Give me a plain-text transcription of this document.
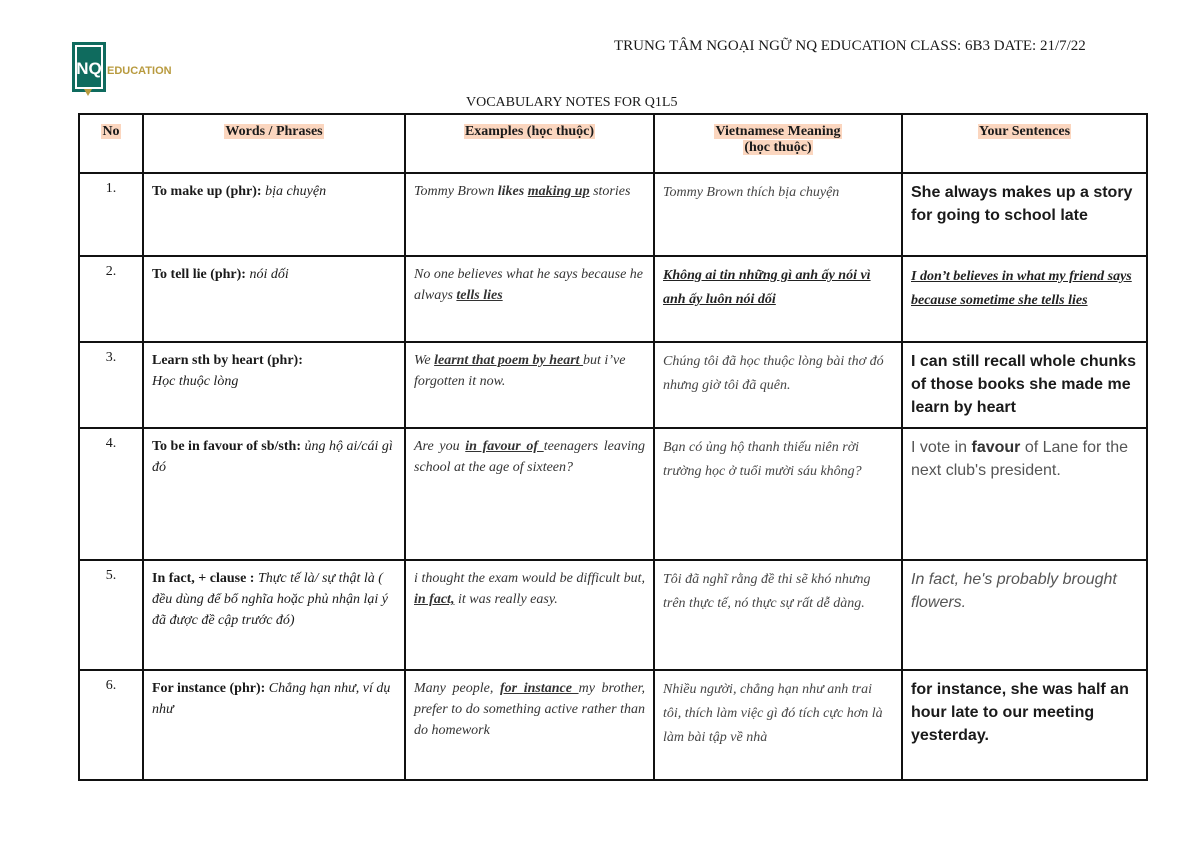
NQ EDUCATION
TRUNG TÂM NGOẠI NGỮ NQ EDUCATION CLASS: 6B3 DATE: 21/7/22
VOCABULARY NOTES FOR Q1L5
No	Words / Phrases	Examples (học thuộc)	Vietnamese Meaning
(học thuộc)	Your Sentences
1.	To make up (phr): bịa chuyện	Tommy Brown likes making up stories	Tommy Brown thích bịa chuyện	She always makes up a story for going to school late
2.	To tell lie (phr): nói dối	No one believes what he says because he always tells lies	Không ai tin những gì anh ấy nói vì anh ấy luôn nói dối	I don’t believes in what my friend says because sometime she tells lies
3.	Learn sth by heart (phr):
Học thuộc lòng	We learnt that poem by heart but i’ve forgotten it now.	Chúng tôi đã học thuộc lòng bài thơ đó nhưng giờ tôi đã quên.	I can still recall whole chunks of those books she made me learn by heart
4.	To be in favour of sb/sth: ủng hộ ai/cái gì đó	Are you in favour of teenagers leaving school at the age of sixteen?	Bạn có ủng hộ thanh thiếu niên rời trường học ở tuổi mười sáu không?	I vote in favour of Lane for the next club's president.
5.	In fact, + clause : Thực tế là/ sự thật là ( đều dùng để bổ nghĩa hoặc phủ nhận lại ý đã được đề cập trước đó)	i thought the exam would be difficult but, in fact, it was really easy.	Tôi đã nghĩ rằng đề thi sẽ khó nhưng trên thực tế, nó thực sự rất dễ dàng.	In fact, he's probably brought flowers.
6.	For instance (phr): Chẳng hạn như, ví dụ như	Many people, for instance my brother, prefer to do something active rather than do homework	Nhiều người, chẳng hạn như anh trai tôi, thích làm việc gì đó tích cực hơn là làm bài tập về nhà	for instance, she was half an hour late to our meeting yesterday.
